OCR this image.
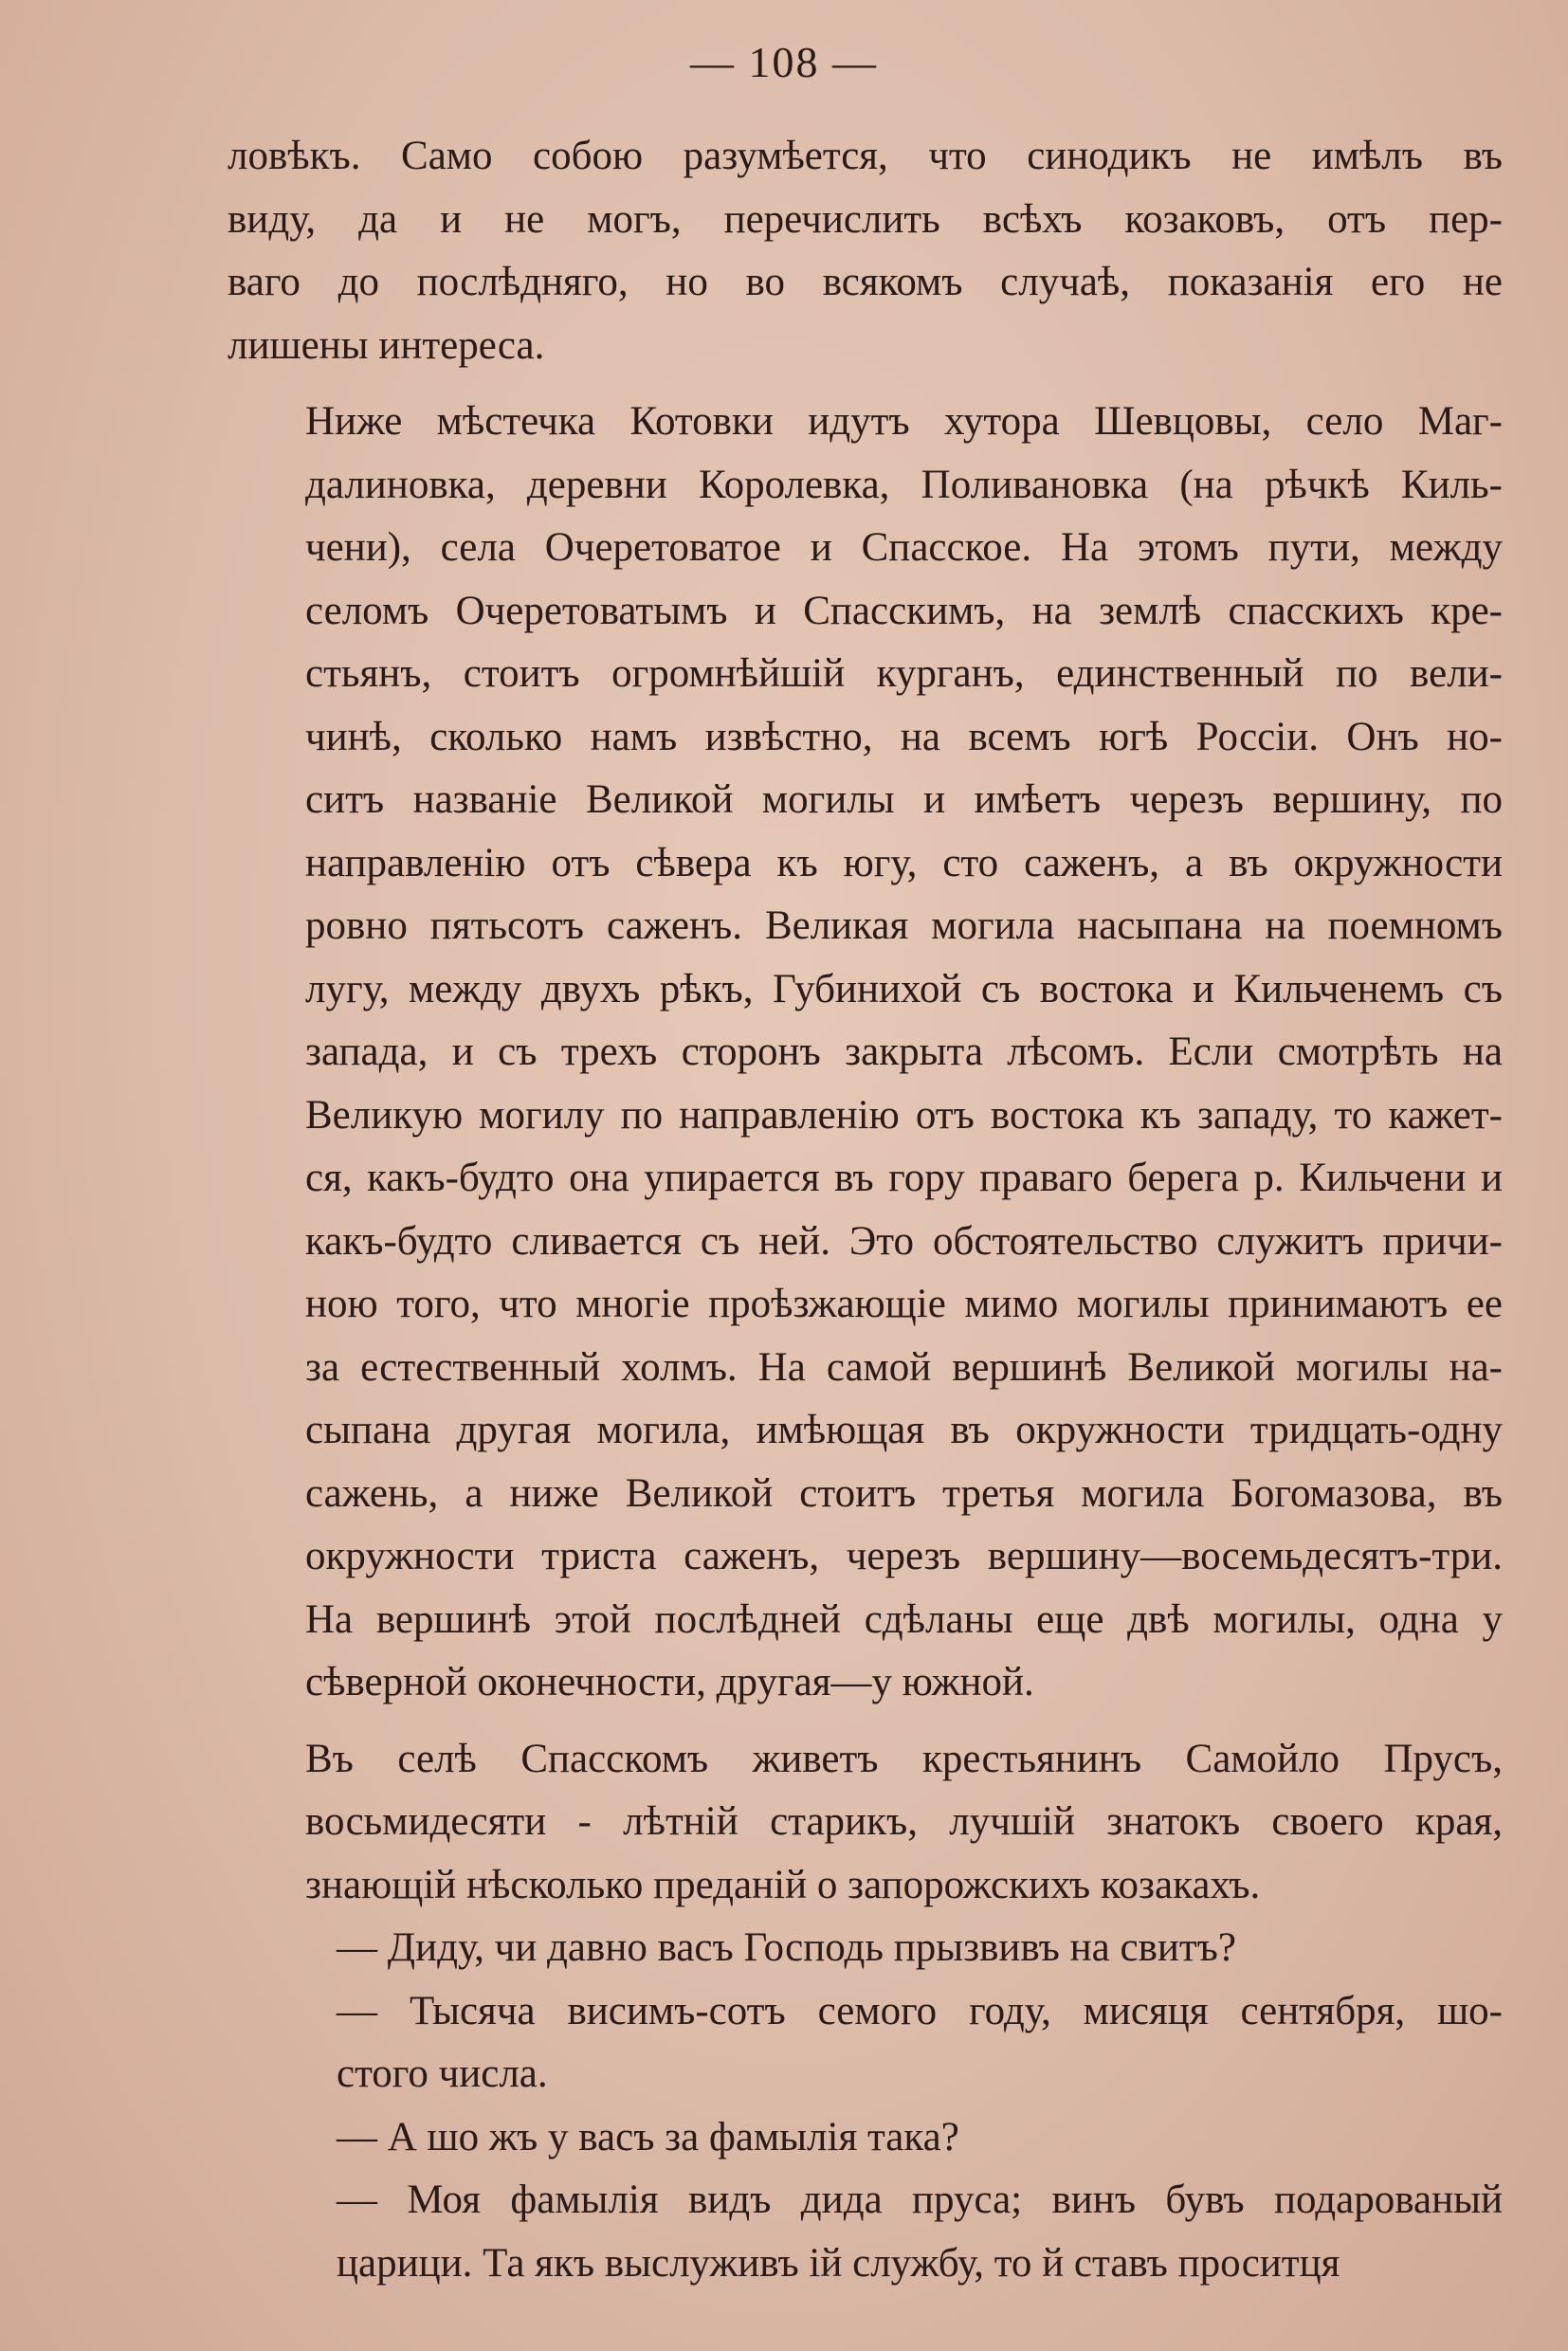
— 108 —

ловѣкъ. Само собою разумѣется, что синодикъ не имѣлъ въ
виду, да и не могъ, перечислить всѣхъ козаковъ, отъ пер-
ваго до послѣдняго, но во всякомъ случаѣ, показанія его не
лишены интереса.

Ниже мѣстечка Котовки идутъ хутора Шевцовы, село Маг-
далиновка, деревни Королевка, Поливановка (на рѣчкѣ Киль-
чени), села Очеретоватое и Спасское. На этомъ пути, между
селомъ Очеретоватымъ и Спасскимъ, на землѣ спасскихъ кре-
стьянъ, стоитъ огромнѣйшій курганъ, единственный по вели-
чинѣ, сколько намъ извѣстно, на всемъ югѣ Россіи. Онъ но-
ситъ названіе Великой могилы и имѣетъ черезъ вершину, по
направленію отъ сѣвера къ югу, сто саженъ, а въ окружности
ровно пятьсотъ саженъ. Великая могила насыпана на поемномъ
лугу, между двухъ рѣкъ, Губинихой съ востока и Кильченемъ съ
запада, и съ трехъ сторонъ закрыта лѣсомъ. Если смотрѣть на
Великую могилу по направленію отъ востока къ западу, то кажет-
ся, какъ-будто она упирается въ гору праваго берега р. Кильчени и
какъ-будто сливается съ ней. Это обстоятельство служитъ причи-
ною того, что многіе проѣзжающіе мимо могилы принимаютъ ее
за естественный холмъ. На самой вершинѣ Великой могилы на-
сыпана другая могила, имѣющая въ окружности тридцать-одну
сажень, а ниже Великой стоитъ третья могила Богомазова, въ
окружности триста саженъ, черезъ вершину—восемьдесятъ-три.
На вершинѣ этой послѣдней сдѣланы еще двѣ могилы, одна у
сѣверной оконечности, другая—у южной.

Въ селѣ Спасскомъ живетъ крестьянинъ Самойло Прусъ,
восьмидесяти - лѣтній старикъ, лучшій знатокъ своего края,
знающій нѣсколько преданій о запорожскихъ козакахъ.

— Диду, чи давно васъ Господь прызвивъ на свитъ?

— Тысяча висимъ-сотъ семого году, мисяця сентября, шо-
стого числа.

— А шо жъ у васъ за фамылія така?

— Моя фамылія видъ дида пруса; винъ бувъ подарованый
царици. Та якъ выслуживъ ій службу, то й ставъ проситця
